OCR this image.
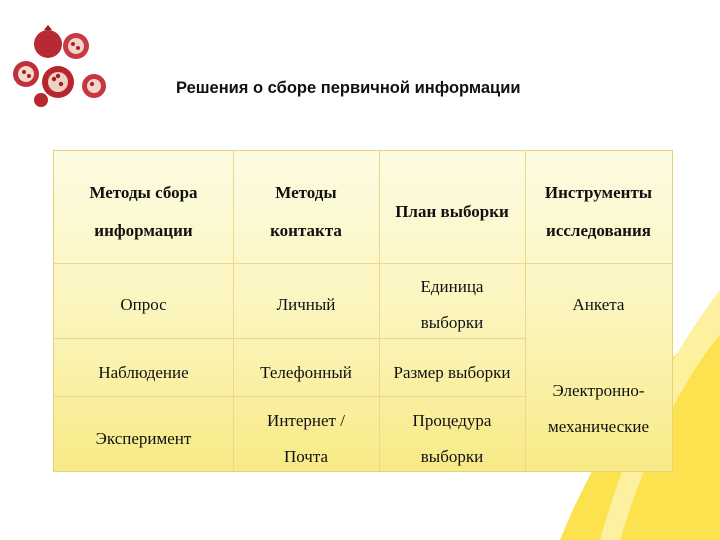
Решения о сборе первичной информации
Методы сбора
информации
Методы
контакта
План выборки
Инструменты
исследования
Опрос
Наблюдение
Эксперимент
Личный
Телефонный
Интернет /
Почта
Единица
выборки
Размер выборки
Процедура
выборки
Анкета
Электронно-
механические
